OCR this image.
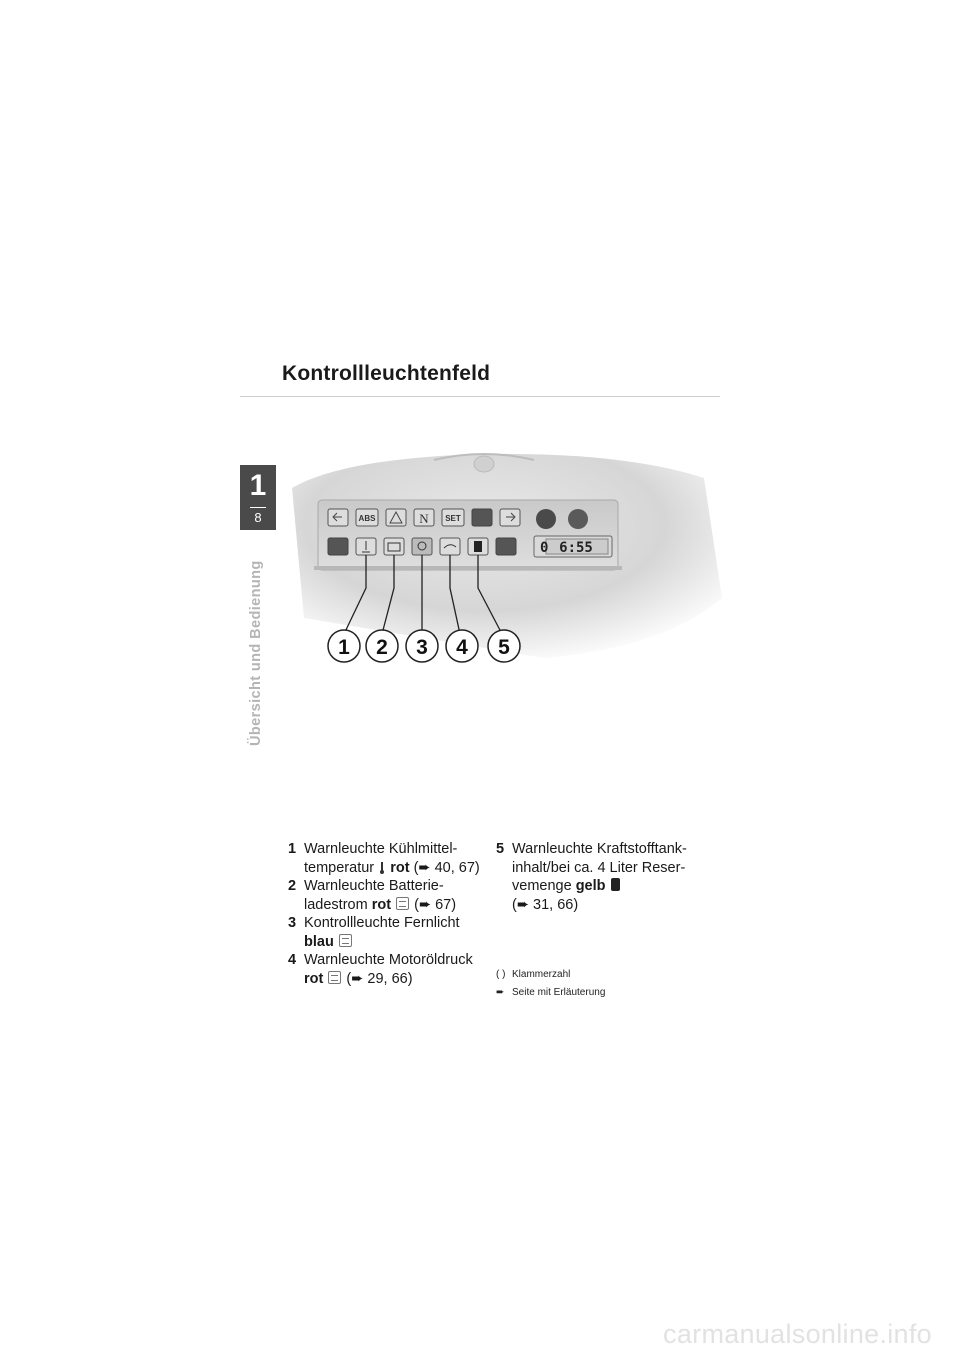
Kontrollleuchtenfeld
1
8
Übersicht und Bedienung
ABS	N SET
0 6:55
1 2 3 4 5
1 Warnleuchte Kühlmittel-
temperatur rot (➨ 40, 67)
2 Warnleuchte Batterie-
ladestrom rot (➨ 67)
3 Kontrollleuchte Fernlicht
blau
4 Warnleuchte Motoröldruck
rot (➨ 29, 66)
5 Warnleuchte Kraftstofftank-
inhalt/bei ca. 4 Liter Reser-
vemenge gelb
(➨ 31, 66)
( ) Klammerzahl
➨ Seite mit Erläuterung
carmanualsonline.info
